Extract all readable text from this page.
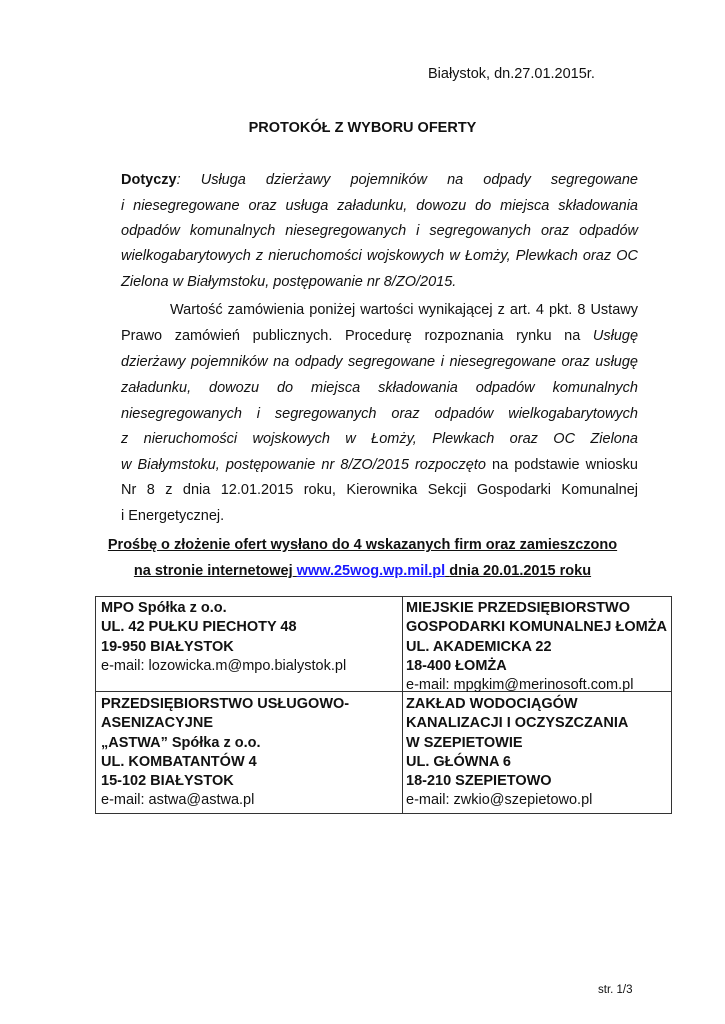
Białystok, dn.27.01.2015r.
PROTOKÓŁ Z WYBORU OFERTY
Dotyczy: Usługa dzierżawy pojemników na odpady segregowane
i niesegregowane oraz usługa załadunku, dowozu do miejsca składowania
odpadów komunalnych niesegregowanych i segregowanych oraz odpadów
wielkogabarytowych z nieruchomości wojskowych w Łomży, Plewkach oraz OC
Zielona w Białymstoku, postępowanie nr 8/ZO/2015.
Wartość zamówienia poniżej wartości wynikającej z art. 4 pkt. 8 Ustawy
Prawo zamówień publicznych. Procedurę rozpoznania rynku na Usługę
dzierżawy pojemników na odpady segregowane i niesegregowane oraz usługę
załadunku, dowozu do miejsca składowania odpadów komunalnych
niesegregowanych i segregowanych oraz odpadów wielkogabarytowych
z nieruchomości wojskowych w Łomży, Plewkach oraz OC Zielona
w Białymstoku, postępowanie nr 8/ZO/2015 rozpoczęto na podstawie wniosku
Nr 8 z dnia 12.01.2015 roku, Kierownika Sekcji Gospodarki Komunalnej
i Energetycznej.
Prośbę o złożenie ofert wysłano do 4 wskazanych firm oraz zamieszczono
na stronie internetowej www.25wog.wp.mil.pl dnia 20.01.2015 roku
MPO Spółka z o.o.
UL. 42 PUŁKU PIECHOTY 48
19-950 BIAŁYSTOK
e-mail: lozowicka.m@mpo.bialystok.pl
MIEJSKIE PRZEDSIĘBIORSTWO
GOSPODARKI KOMUNALNEJ ŁOMŻA
UL. AKADEMICKA 22
18-400 ŁOMŻA
e-mail: mpgkim@merinosoft.com.pl
PRZEDSIĘBIORSTWO USŁUGOWO-
ASENIZACYJNE
„ASTWA” Spółka z o.o.
UL. KOMBATANTÓW 4
15-102 BIAŁYSTOK
e-mail: astwa@astwa.pl
ZAKŁAD WODOCIĄGÓW
KANALIZACJI I OCZYSZCZANIA
W SZEPIETOWIE
UL. GŁÓWNA 6
18-210 SZEPIETOWO
e-mail: zwkio@szepietowo.pl
str. 1/3
